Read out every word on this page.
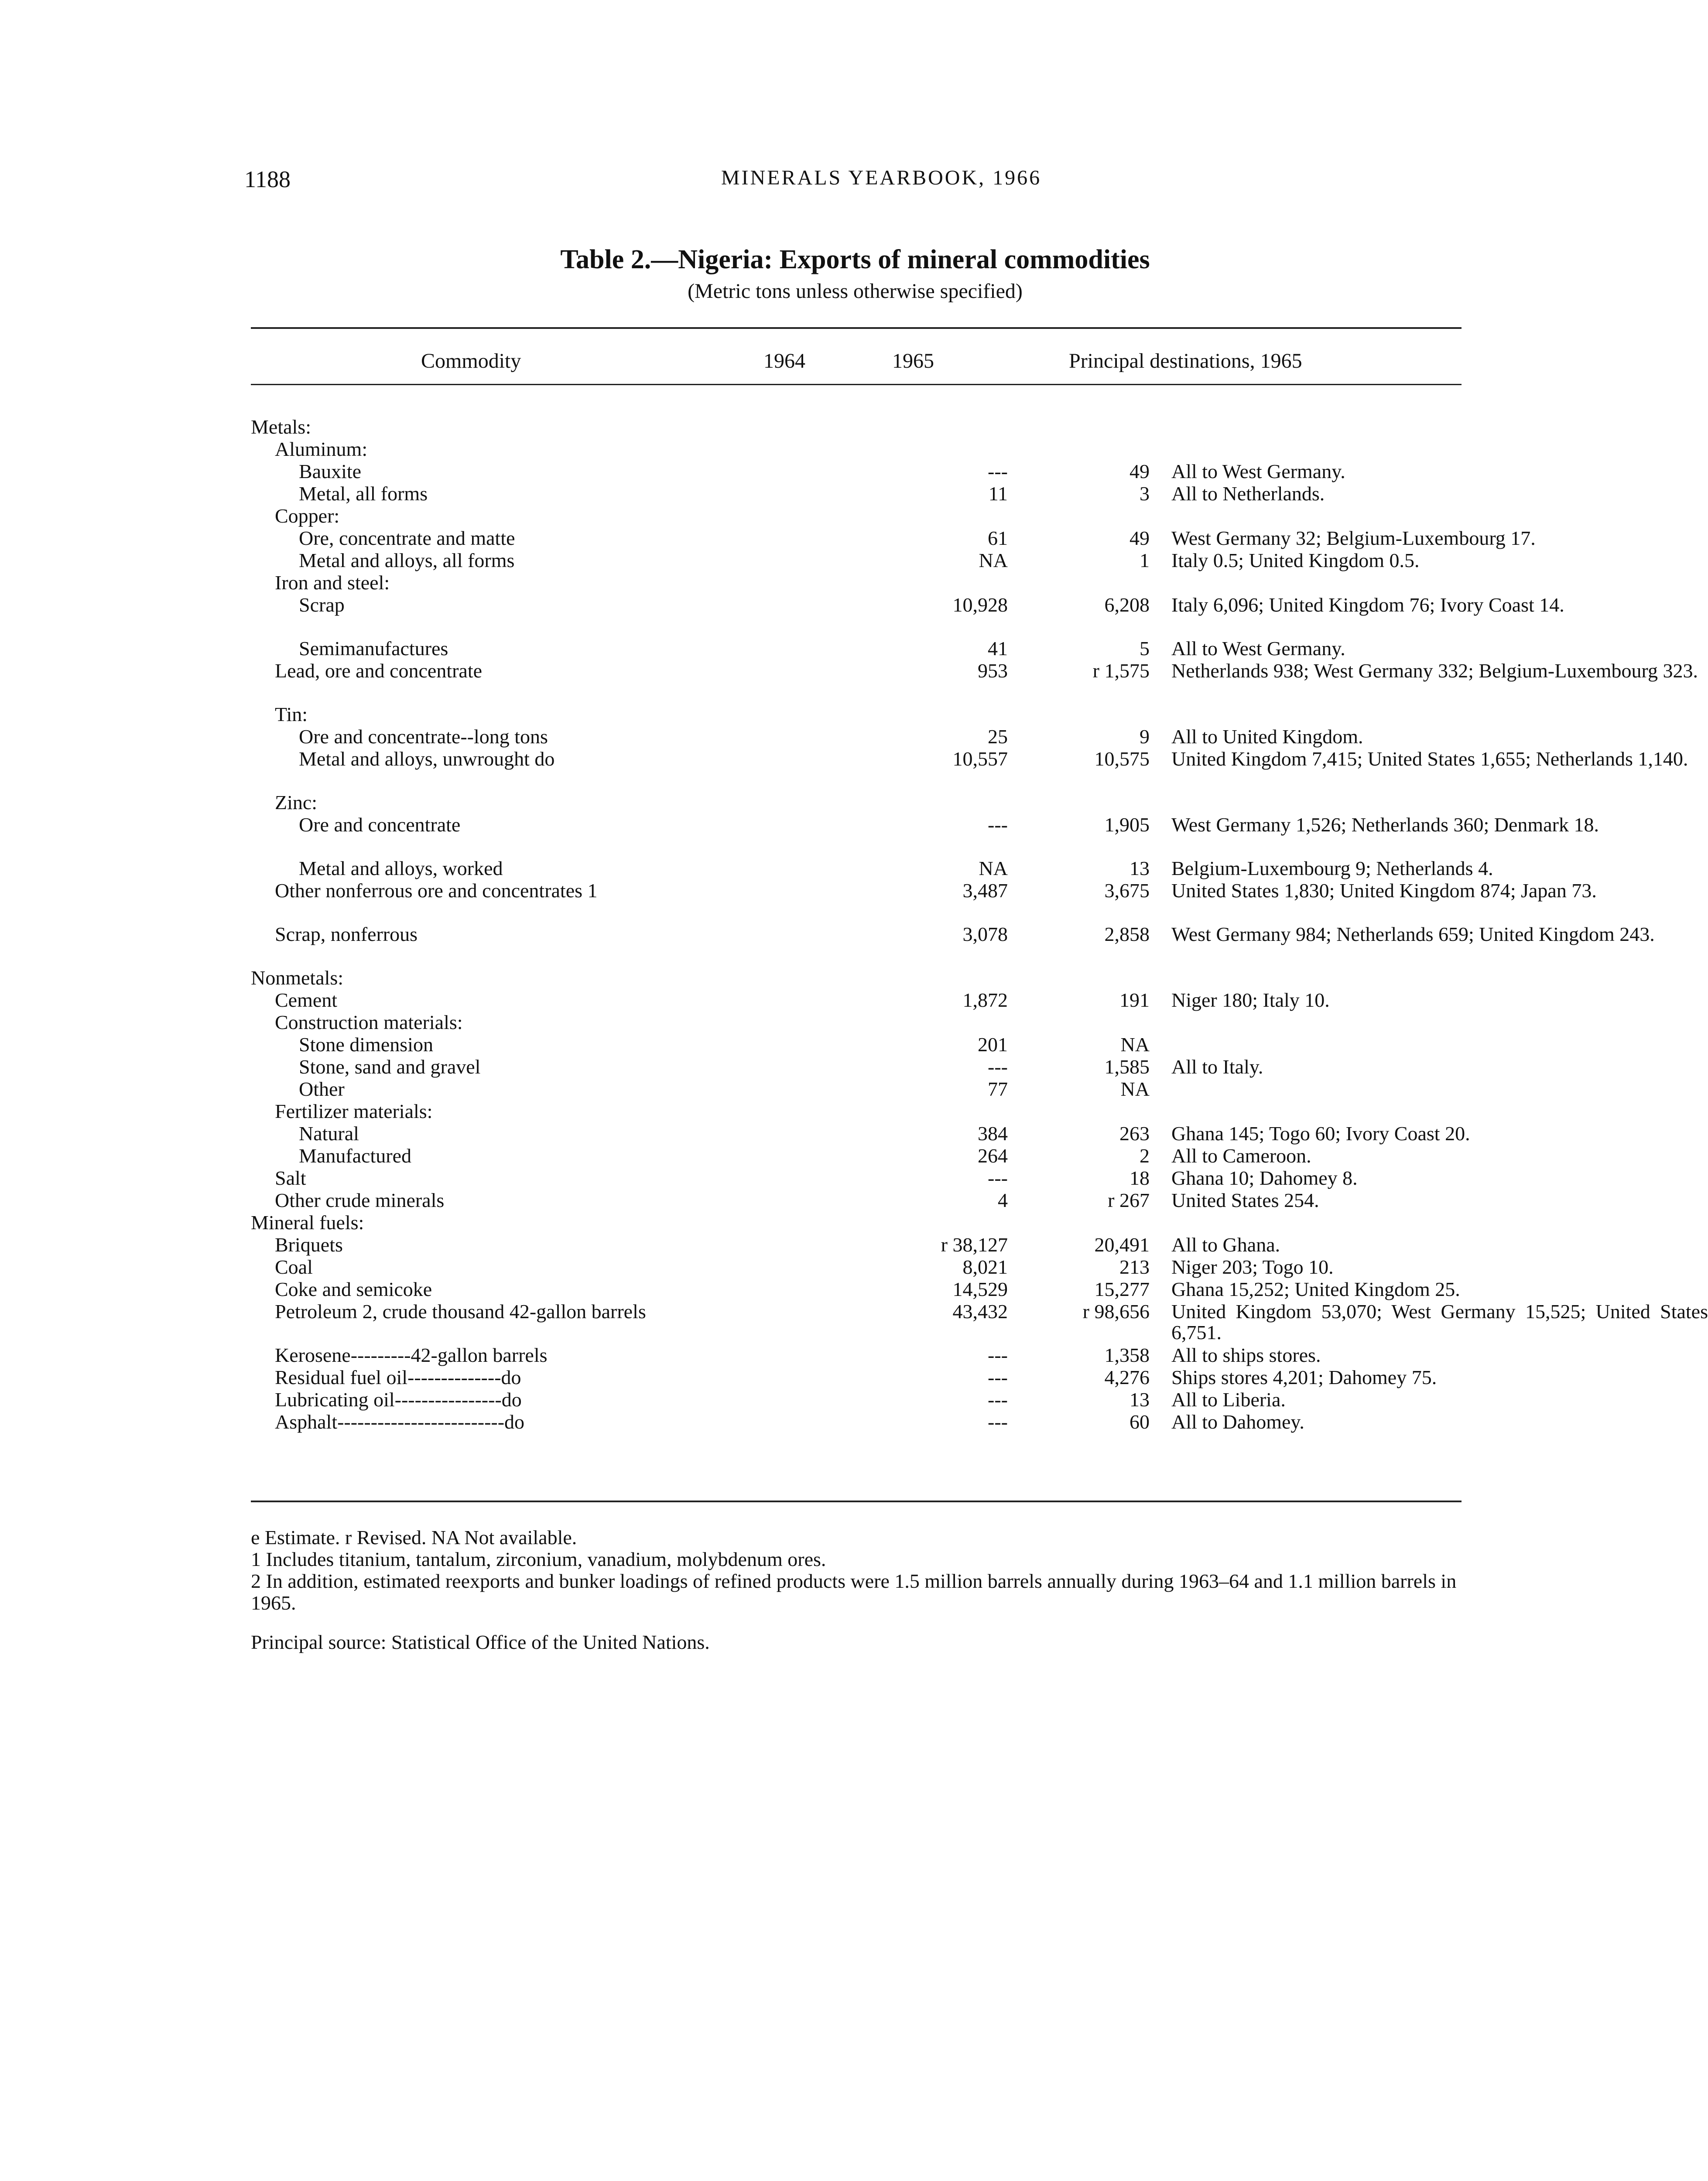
1188	MINERALS YEARBOOK, 1966
Table 2.—Nigeria: Exports of mineral commodities
(Metric tons unless otherwise specified)
Commodity	1964	1965	Principal destinations, 1965
Metals:
Aluminum:
Bauxite	---	49 All to West Germany.
Metal, all forms	11	3 All to Netherlands.
Copper:
Ore, concentrate and matte	61	49 West Germany 32; Belgium-Luxembourg 17.
Metal and alloys, all forms	NA	1 Italy 0.5; United Kingdom 0.5.
Iron and steel:
Scrap	10,928	6,208 Italy 6,096; United Kingdom 76; Ivory Coast 14.
Semimanufactures	41	5 All to West Germany.
Lead, ore and concentrate	953	r 1,575 Netherlands 938; West Germany 332; Belgium-Luxembourg 323.
Tin:
Ore and concentrate--long tons	25	9 All to United Kingdom.
Metal and alloys, unwrought do	10,557	10,575 United Kingdom 7,415; United States 1,655; Netherlands 1,140.
Zinc:
Ore and concentrate	---	1,905 West Germany 1,526; Netherlands 360; Denmark 18.
Metal and alloys, worked	NA	13 Belgium-Luxembourg 9; Netherlands 4.
Other nonferrous ore and concentrates 1	3,487	3,675 United States 1,830; United Kingdom 874; Japan 73.
Scrap, nonferrous	3,078	2,858 West Germany 984; Netherlands 659; United Kingdom 243.
Nonmetals:
Cement	1,872	191 Niger 180; Italy 10.
Construction materials:
Stone dimension	201	NA
Stone, sand and gravel	---	1,585 All to Italy.
Other	77	NA
Fertilizer materials:
Natural	384	263 Ghana 145; Togo 60; Ivory Coast 20.
Manufactured	264	2 All to Cameroon.
Salt	---	18 Ghana 10; Dahomey 8.
Other crude minerals	4	r 267 United States 254.
Mineral fuels:
Briquets	r 38,127	20,491 All to Ghana.
Coal	8,021	213 Niger 203; Togo 10.
Coke and semicoke	14,529	15,277 Ghana 15,252; United Kingdom 25.
Petroleum 2, crude thousand 42-gallon barrels	43,432	r 98,656 United Kingdom 53,070; West Germany 15,525; United States 6,751.
Kerosene---------42-gallon barrels	---	1,358 All to ships stores.
Residual fuel oil--------------do	---	4,276 Ships stores 4,201; Dahomey 75.
Lubricating oil----------------do	---	13 All to Liberia.
Asphalt-------------------------do	---	60 All to Dahomey.

e Estimate. r Revised. NA Not available.

1 Includes titanium, tantalum, zirconium, vanadium, molybdenum ores.

2 In addition, estimated reexports and bunker loadings of refined products were 1.5 million barrels annually during 1963–64 and 1.1 million barrels in 1965.

Principal source: Statistical Office of the United Nations.
